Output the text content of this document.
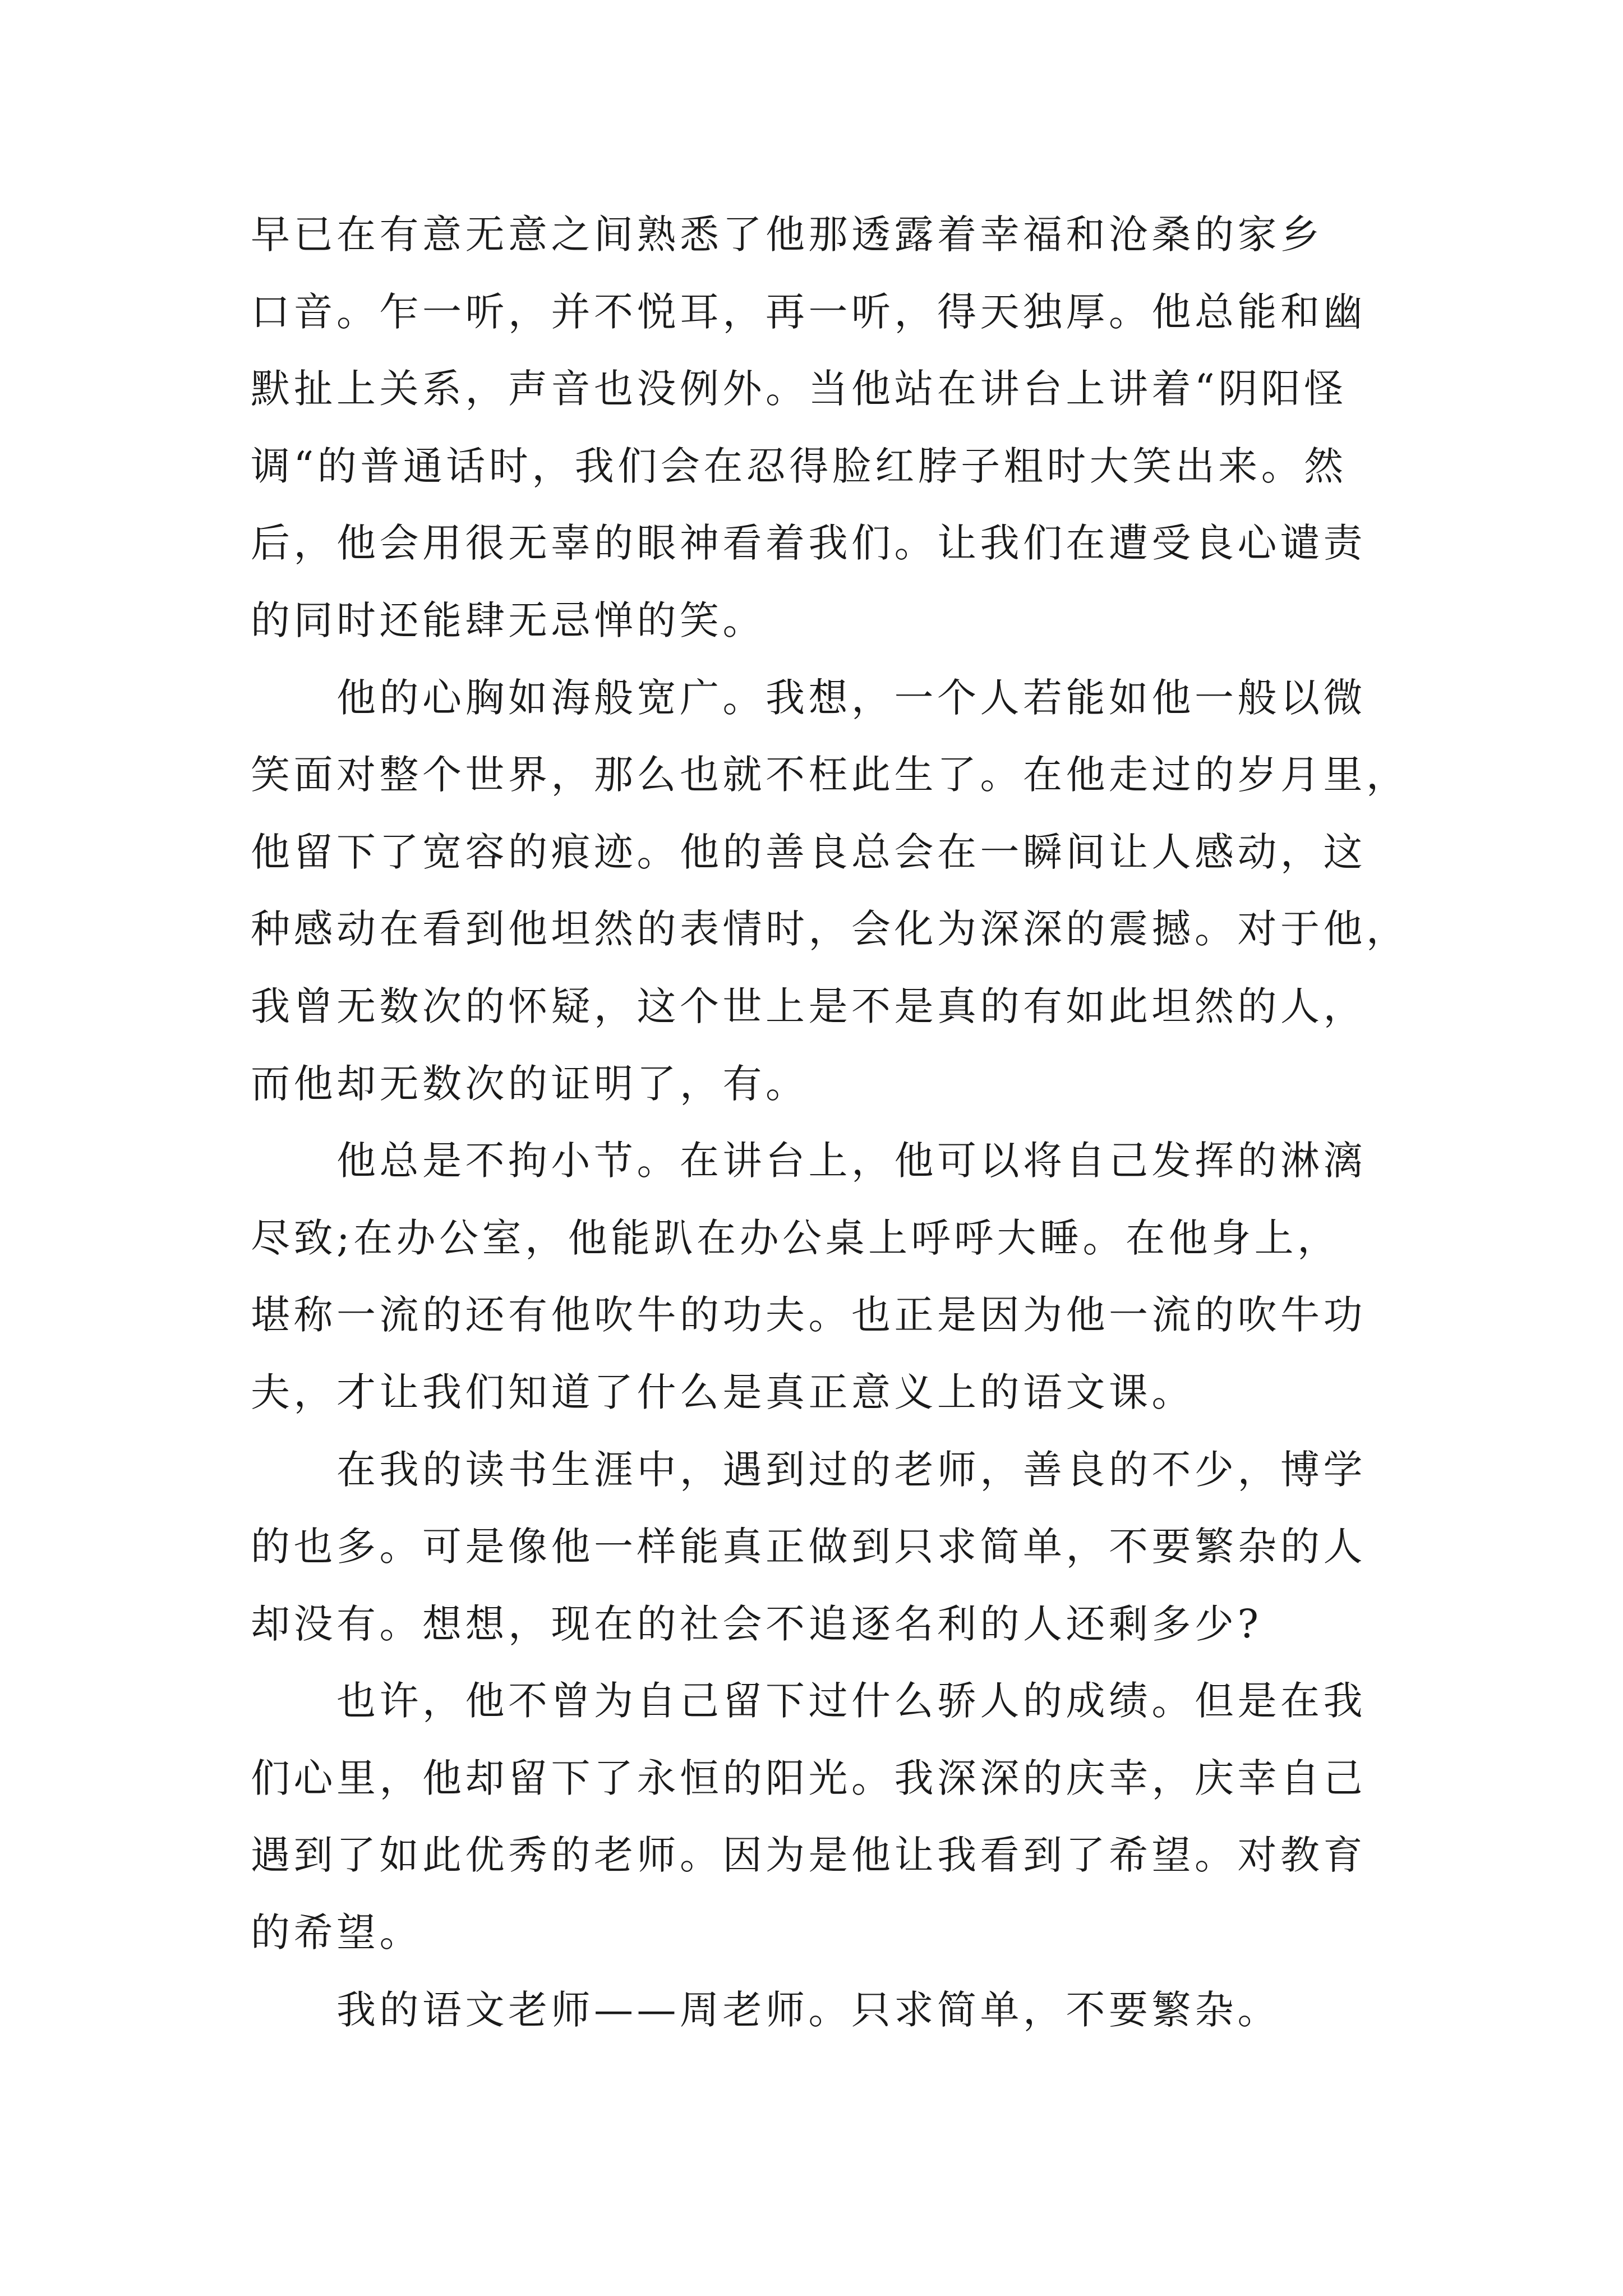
早已在有意无意之间熟悉了他那透露着幸福和沧桑的家乡
口音。乍一听，并不悦耳，再一听，得天独厚。他总能和幽
默扯上关系，声音也没例外。当他站在讲台上讲着“阴阳怪
调“的普通话时，我们会在忍得脸红脖子粗时大笑出来。然
后，他会用很无辜的眼神看着我们。让我们在遭受良心谴责
的同时还能肆无忌惮的笑。
　　他的心胸如海般宽广。我想，一个人若能如他一般以微
笑面对整个世界，那么也就不枉此生了。在他走过的岁月里，
他留下了宽容的痕迹。他的善良总会在一瞬间让人感动，这
种感动在看到他坦然的表情时，会化为深深的震撼。对于他，
我曾无数次的怀疑，这个世上是不是真的有如此坦然的人，
而他却无数次的证明了，有。
　　他总是不拘小节。在讲台上，他可以将自己发挥的淋漓
尽致;在办公室，他能趴在办公桌上呼呼大睡。在他身上，
堪称一流的还有他吹牛的功夫。也正是因为他一流的吹牛功
夫，才让我们知道了什么是真正意义上的语文课。
　　在我的读书生涯中，遇到过的老师，善良的不少，博学
的也多。可是像他一样能真正做到只求简单，不要繁杂的人
却没有。想想，现在的社会不追逐名利的人还剩多少?
　　也许，他不曾为自己留下过什么骄人的成绩。但是在我
们心里，他却留下了永恒的阳光。我深深的庆幸，庆幸自己
遇到了如此优秀的老师。因为是他让我看到了希望。对教育
的希望。
　　我的语文老师——周老师。只求简单，不要繁杂。
